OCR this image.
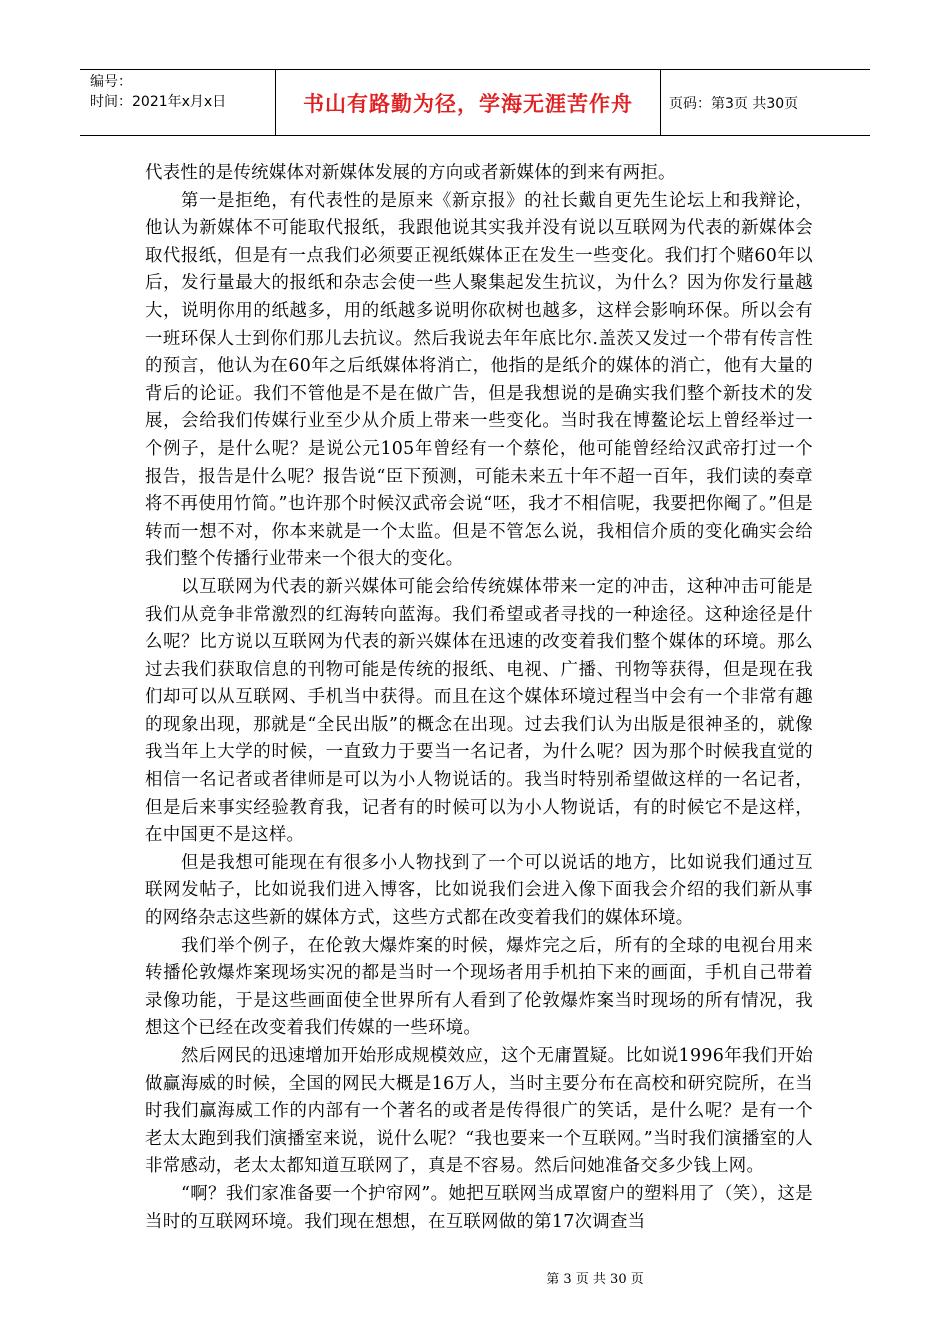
编号：
时间：2021年x月x日	书山有路勤为径，学海无涯苦作舟	页码：第3页 共30页

代表性的是传统媒体对新媒体发展的方向或者新媒体的到来有两拒。

第一是拒绝，有代表性的是原来《新京报》的社长戴自更先生论坛上和我辩论，他认为新媒体不可能取代报纸，我跟他说其实我并没有说以互联网为代表的新媒体会取代报纸，但是有一点我们必须要正视纸媒体正在发生一些变化。我们打个赌60年以后，发行量最大的报纸和杂志会使一些人聚集起发生抗议，为什么？因为你发行量越大，说明你用的纸越多，用的纸越多说明你砍树也越多，这样会影响环保。所以会有一班环保人士到你们那儿去抗议。然后我说去年年底比尔.盖茨又发过一个带有传言性的预言，他认为在60年之后纸媒体将消亡，他指的是纸介的媒体的消亡，他有大量的背后的论证。我们不管他是不是在做广告，但是我想说的是确实我们整个新技术的发展，会给我们传媒行业至少从介质上带来一些变化。当时我在博鳌论坛上曾经举过一个例子，是什么呢？是说公元105年曾经有一个蔡伦，他可能曾经给汉武帝打过一个报告，报告是什么呢？报告说“臣下预测，可能未来五十年不超一百年，我们读的奏章将不再使用竹简。”也许那个时候汉武帝会说“呸，我才不相信呢，我要把你阉了。”但是转而一想不对，你本来就是一个太监。但是不管怎么说，我相信介质的变化确实会给我们整个传播行业带来一个很大的变化。

以互联网为代表的新兴媒体可能会给传统媒体带来一定的冲击，这种冲击可能是我们从竞争非常激烈的红海转向蓝海。我们希望或者寻找的一种途径。这种途径是什么呢？比方说以互联网为代表的新兴媒体在迅速的改变着我们整个媒体的环境。那么过去我们获取信息的刊物可能是传统的报纸、电视、广播、刊物等获得，但是现在我们却可以从互联网、手机当中获得。而且在这个媒体环境过程当中会有一个非常有趣的现象出现，那就是“全民出版”的概念在出现。过去我们认为出版是很神圣的，就像我当年上大学的时候，一直致力于要当一名记者，为什么呢？因为那个时候我直觉的相信一名记者或者律师是可以为小人物说话的。我当时特别希望做这样的一名记者，但是后来事实经验教育我，记者有的时候可以为小人物说话，有的时候它不是这样，在中国更不是这样。

但是我想可能现在有很多小人物找到了一个可以说话的地方，比如说我们通过互联网发帖子，比如说我们进入博客，比如说我们会进入像下面我会介绍的我们新从事的网络杂志这些新的媒体方式，这些方式都在改变着我们的媒体环境。

我们举个例子，在伦敦大爆炸案的时候，爆炸完之后，所有的全球的电视台用来转播伦敦爆炸案现场实况的都是当时一个现场者用手机拍下来的画面，手机自己带着录像功能，于是这些画面使全世界所有人看到了伦敦爆炸案当时现场的所有情况，我想这个已经在改变着我们传媒的一些环境。

然后网民的迅速增加开始形成规模效应，这个无庸置疑。比如说1996年我们开始做赢海威的时候，全国的网民大概是16万人，当时主要分布在高校和研究院所，在当时我们赢海威工作的内部有一个著名的或者是传得很广的笑话，是什么呢？是有一个老太太跑到我们演播室来说，说什么呢？“我也要来一个互联网。”当时我们演播室的人非常感动，老太太都知道互联网了，真是不容易。然后问她准备交多少钱上网。

“啊？我们家准备要一个护帘网”。她把互联网当成罩窗户的塑料用了（笑），这是当时的互联网环境。我们现在想想，在互联网做的第17次调查当

第 3 页 共 30 页
